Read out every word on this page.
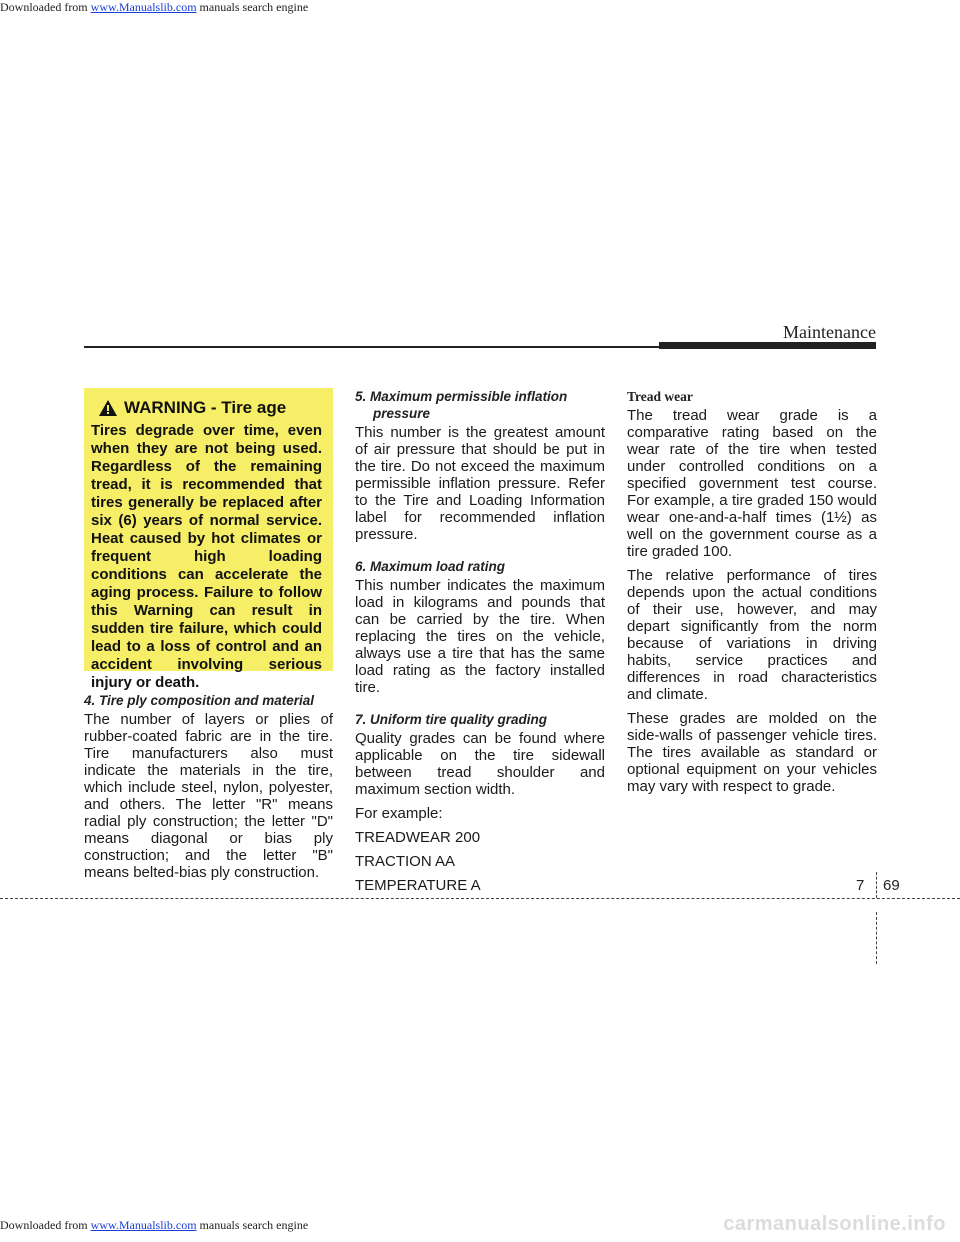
Downloaded from www.Manualslib.com manuals search engine
Maintenance
WARNING - Tire age
Tires degrade over time, even when they are not being used. Regardless of the remaining tread, it is recommended that tires generally be replaced after six (6) years of normal service. Heat caused by hot climates or frequent high loading conditions can accelerate the aging process. Failure to follow this Warning can result in sudden tire failure, which could lead to a loss of control and an accident involving serious injury or death.
4. Tire ply composition and material

The number of layers or plies of rubber-coated fabric are in the tire. Tire manufacturers also must indicate the materials in the tire, which include steel, nylon, polyester, and others. The letter "R" means radial ply construction; the letter "D" means diagonal or bias ply construction; and the letter "B" means belted-bias ply construction.

5. Maximum permissible inflation
pressure

This number is the greatest amount of air pressure that should be put in the tire. Do not exceed the maximum permissible inflation pressure. Refer to the Tire and Loading Information label for recommended inflation pressure.

6. Maximum load rating

This number indicates the maximum load in kilograms and pounds that can be carried by the tire. When replacing the tires on the vehicle, always use a tire that has the same load rating as the factory installed tire.

7. Uniform tire quality grading

Quality grades can be found where applicable on the tire sidewall between tread shoulder and maximum section width.

For example:

TREADWEAR 200

TRACTION AA

TEMPERATURE A

Tread wear

The tread wear grade is a comparative rating based on the wear rate of the tire when tested under controlled conditions on a specified government test course. For example, a tire graded 150 would wear one-and-a-half times (1½) as well on the government course as a tire graded 100.

The relative performance of tires depends upon the actual conditions of their use, however, and may depart significantly from the norm because of variations in driving habits, service practices and differences in road characteristics and climate.

These grades are molded on the side-walls of passenger vehicle tires. The tires available as standard or optional equipment on your vehicles may vary with respect to grade.

7 69
Downloaded from www.Manualslib.com manuals search engine	carmanualsonline.info
